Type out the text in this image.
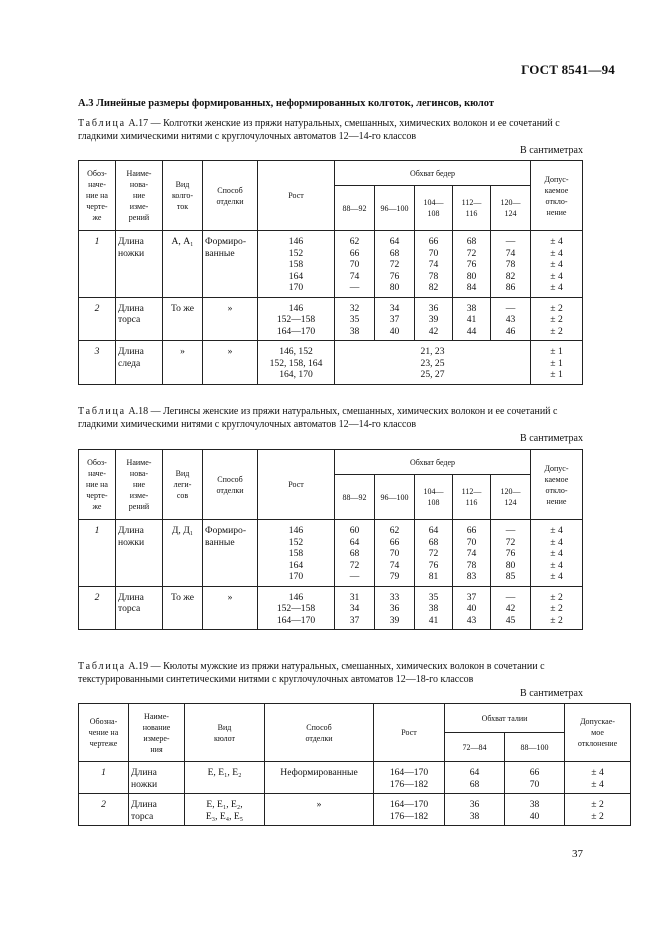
ГОСТ 8541—94
А.3 Линейные размеры формированных, неформированных колготок, легинсов, кюлот
Таблица А.17 — Колготки женские из пряжи натуральных, смешанных, химических волокон и ее сочетаний с гладкими химическими нитями с круглочулочных автоматов 12—14-го классов
В сантиметрах
Обоз-
наче-
ние на
черте-
же	Наиме-
нова-
ние
изме-
рений	Вид
колго-
ток	Способ
отделки	Рост	Обхват бедер					Допус-
каемое
откло-
нение
					88—92	96—100	104—
108	112—
116	120—
124	
1	Длина
ножки	А, А₁	Формиро-
ванные	146
152
158
164
170	62
66
70
74
—	64
68
72
76
80	66
70
74
78
82	68
72
76
80
84	—
74
78
82
86	± 4
± 4
± 4
± 4
± 4
2	Длина
торса	То же	»	146
152—158
164—170	32
35
38	34
37
40	36
39
42	38
41
44	—
43
46	± 2
± 2
± 2
3	Длина
следа	»	»	146, 152
152, 158, 164
164, 170	21, 23
23, 25
25, 27					± 1
± 1
± 1
Таблица А.18 — Легинсы женские из пряжи натуральных, смешанных, химических волокон и ее сочетаний с гладкими химическими нитями с круглочулочных автоматов 12—14-го классов
В сантиметрах
Обоз-
наче-
ние на
черте-
же	Наиме-
нова-
ние
изме-
рений	Вид
леги-
сов	Способ
отделки	Рост	Обхват бедер					Допус-
каемое
откло-
нение
					88—92	96—100	104—
108	112—
116	120—
124	
1	Длина
ножки	Д, Д₁	Формиро-
ванные	146
152
158
164
170	60
64
68
72
—	62
66
70
74
79	64
68
72
76
81	66
70
74
78
83	—
72
76
80
85	± 4
± 4
± 4
± 4
± 4
2	Длина
торса	То же	»	146
152—158
164—170	31
34
37	33
36
39	35
38
41	37
40
43	—
42
45	± 2
± 2
± 2
Таблица А.19 — Кюлоты мужские из пряжи натуральных, смешанных, химических волокон в сочетании с текстурированными синтетическими нитями с круглочулочных автоматов 12—18-го классов
В сантиметрах
Обозна-
чение на
чертеже	Наиме-
нование
измере-
ния	Вид
кюлот	Способ
отделки	Рост	Обхват талии		Допускае-
мое
отклонение
					72—84	88—100	
1	Длина
ножки	Е, Е₁, Е₂	Неформированные	164—170
176—182	64
68	66
70	± 4
± 4
2	Длина
торса	Е, Е₁, Е₂,
Е₃, Е₄, Е₅	»	164—170
176—182	36
38	38
40	± 2
± 2
37
